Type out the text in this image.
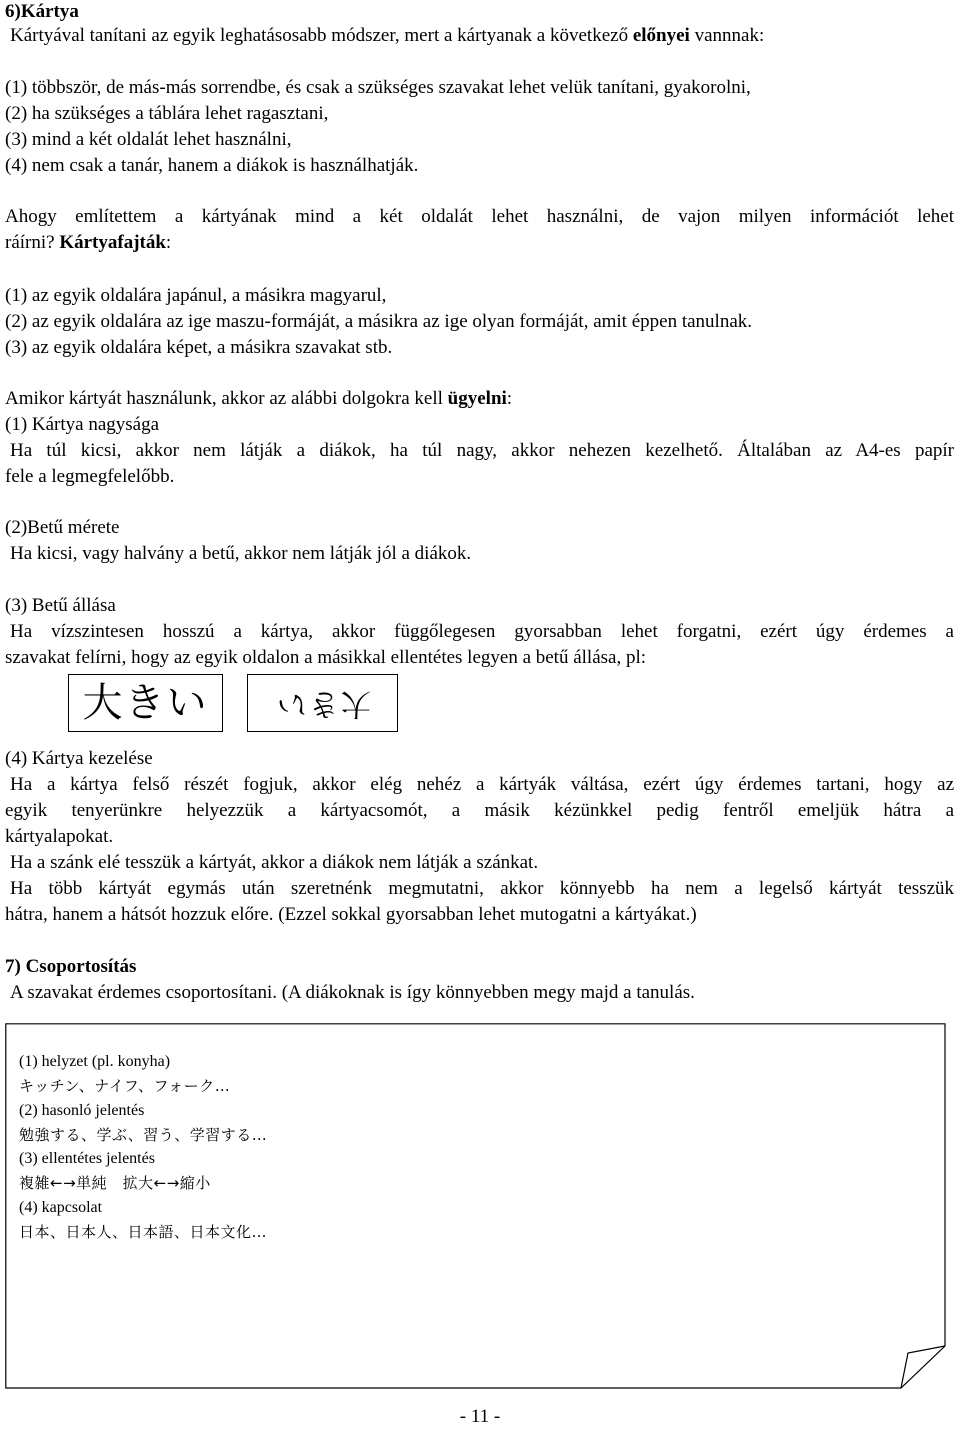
6)Kártya
Kártyával tanítani az egyik leghatásosabb módszer, mert a kártyanak a következő előnyei vannnak:
(1) többször, de más-más sorrendbe, és csak a szükséges szavakat lehet velük tanítani, gyakorolni,
(2) ha szükséges a táblára lehet ragasztani,
(3) mind a két oldalát lehet használni,
(4) nem csak a tanár, hanem a diákok is használhatják.
Ahogy említettem a kártyának mind a két oldalát lehet használni, de vajon milyen információt lehet
ráírni? Kártyafajták:
(1) az egyik oldalára japánul, a másikra magyarul,
(2) az egyik oldalára az ige maszu-formáját, a másikra az ige olyan formáját, amit éppen tanulnak.
(3) az egyik oldalára képet, a másikra szavakat stb.
Amikor kártyát használunk, akkor az alábbi dolgokra kell ügyelni:
(1) Kártya nagysága
Ha túl kicsi, akkor nem látják a diákok, ha túl nagy, akkor nehezen kezelhető. Általában az A4-es papír
fele a legmegfelelőbb.
(2)Betű mérete
Ha kicsi, vagy halvány a betű, akkor nem látják jól a diákok.
(3) Betű állása
Ha vízszintesen hosszú a kártya, akkor függőlegesen gyorsabban lehet forgatni, ezért úgy érdemes a
szavakat felírni, hogy az egyik oldalon a másikkal ellentétes legyen a betű állása, pl:
大きい 大きい
(4) Kártya kezelése
Ha a kártya felső részét fogjuk, akkor elég nehéz a kártyák váltása, ezért úgy érdemes tartani, hogy az
egyik tenyerünkre helyezzük a kártyacsomót, a másik kézünkkel pedig fentről emeljük hátra a
kártyalapokat.
Ha a szánk elé tesszük a kártyát, akkor a diákok nem látják a szánkat.
Ha több kártyát egymás után szeretnénk megmutatni, akkor könnyebb ha nem a legelső kártyát tesszük
hátra, hanem a hátsót hozzuk előre. (Ezzel sokkal gyorsabban lehet mutogatni a kártyákat.)
7) Csoportosítás
A szavakat érdemes csoportosítani. (A diákoknak is így könnyebben megy majd a tanulás.
(1) helyzet (pl. konyha)
キッチン、ナイフ、フォーク…
(2) hasonló jelentés
勉強する、学ぶ、習う、学習する…
(3) ellentétes jelentés
複雑←→単純　拡大←→縮小
(4) kapcsolat
日本、日本人、日本語、日本文化…
- 11 -
